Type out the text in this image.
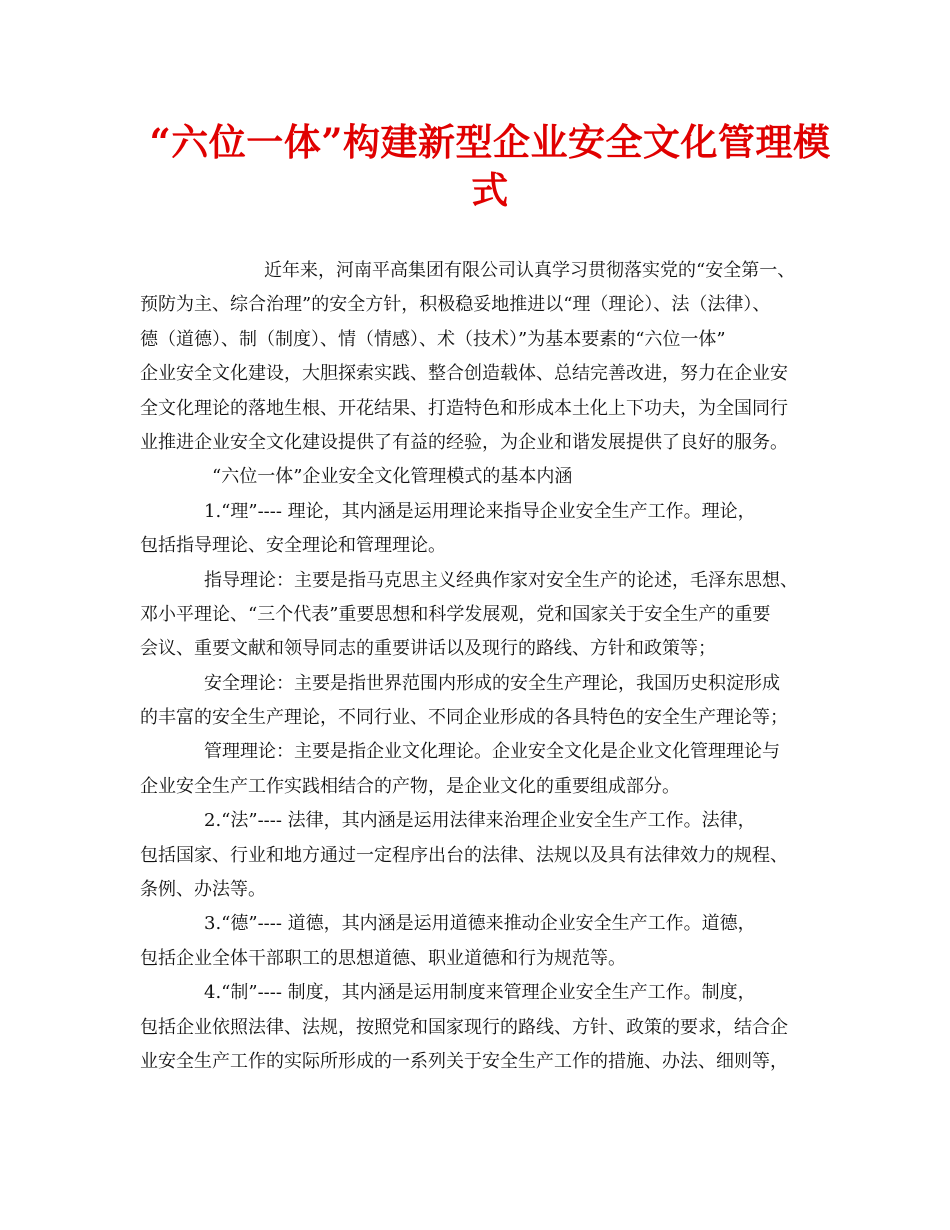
“六位一体”构建新型企业安全文化管理模
式
近年来，河南平高集团有限公司认真学习贯彻落实党的“安全第一、
预防为主、综合治理”的安全方针，积极稳妥地推进以“理（理论）、法（法律）、
德（道德）、制（制度）、情（情感）、术（技术）”为基本要素的“六位一体”
企业安全文化建设，大胆探索实践、整合创造载体、总结完善改进，努力在企业安
全文化理论的落地生根、开花结果、打造特色和形成本土化上下功夫，为全国同行
业推进企业安全文化建设提供了有益的经验，为企业和谐发展提供了良好的服务。
“六位一体”企业安全文化管理模式的基本内涵
1.“理”---- 理论，其内涵是运用理论来指导企业安全生产工作。理论，
包括指导理论、安全理论和管理理论。
指导理论：主要是指马克思主义经典作家对安全生产的论述，毛泽东思想、
邓小平理论、“三个代表”重要思想和科学发展观，党和国家关于安全生产的重要
会议、重要文献和领导同志的重要讲话以及现行的路线、方针和政策等；
安全理论：主要是指世界范围内形成的安全生产理论，我国历史积淀形成
的丰富的安全生产理论，不同行业、不同企业形成的各具特色的安全生产理论等；
管理理论：主要是指企业文化理论。企业安全文化是企业文化管理理论与
企业安全生产工作实践相结合的产物，是企业文化的重要组成部分。
2.“法”---- 法律，其内涵是运用法律来治理企业安全生产工作。法律，
包括国家、行业和地方通过一定程序出台的法律、法规以及具有法律效力的规程、
条例、办法等。
3.“德”---- 道德，其内涵是运用道德来推动企业安全生产工作。道德，
包括企业全体干部职工的思想道德、职业道德和行为规范等。
4.“制”---- 制度，其内涵是运用制度来管理企业安全生产工作。制度，
包括企业依照法律、法规，按照党和国家现行的路线、方针、政策的要求，结合企
业安全生产工作的实际所形成的一系列关于安全生产工作的措施、办法、细则等，
